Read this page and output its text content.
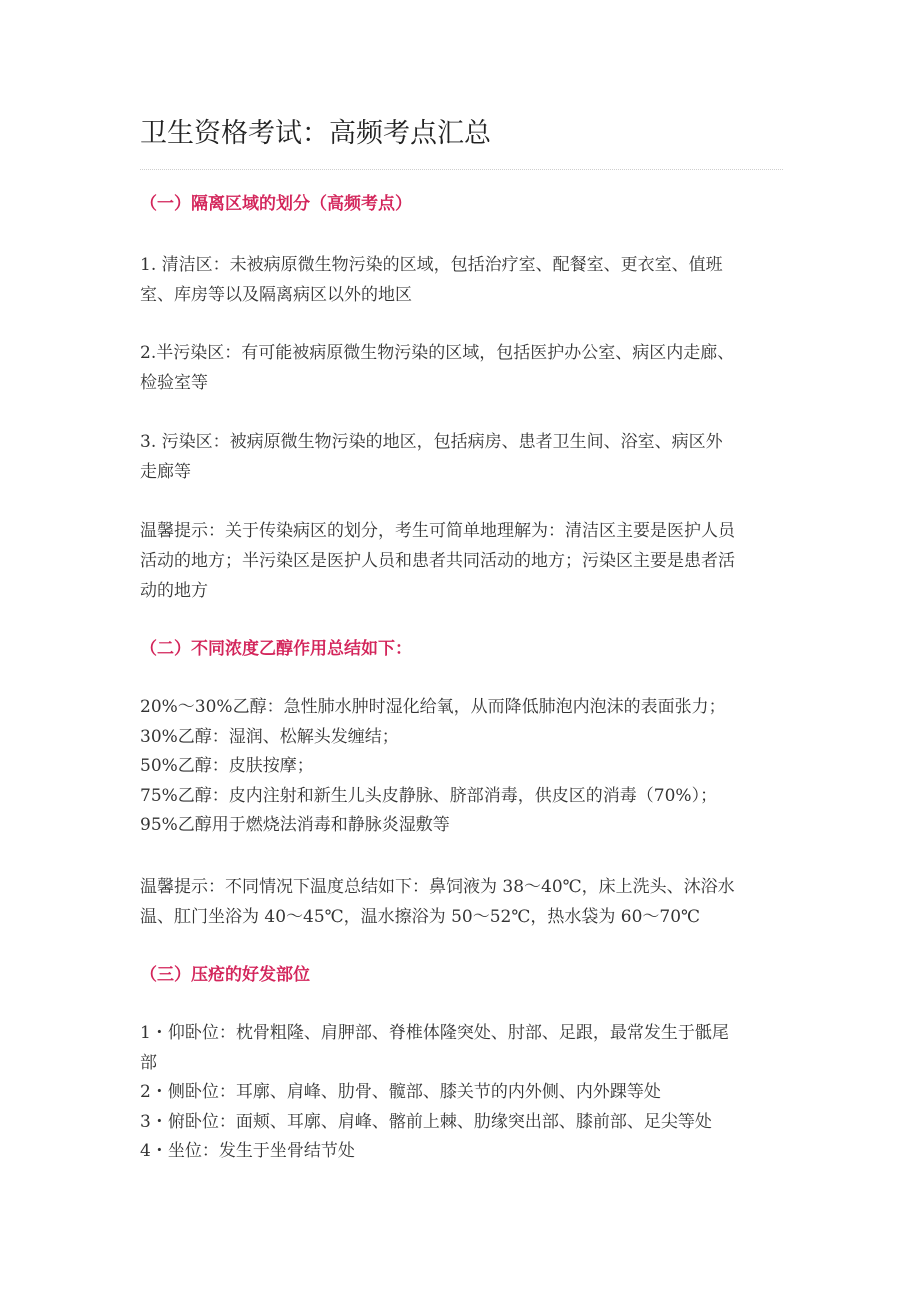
卫生资格考试：高频考点汇总
（一）隔离区域的划分（高频考点）

1. 清洁区：未被病原微生物污染的区域，包括治疗室、配餐室、更衣室、值班
室、库房等以及隔离病区以外的地区

2.半污染区：有可能被病原微生物污染的区域，包括医护办公室、病区内走廊、
检验室等

3. 污染区：被病原微生物污染的地区，包括病房、患者卫生间、浴室、病区外
走廊等

温馨提示：关于传染病区的划分，考生可简单地理解为：清洁区主要是医护人员
活动的地方；半污染区是医护人员和患者共同活动的地方；污染区主要是患者活
动的地方

（二）不同浓度乙醇作用总结如下：
20%～30%乙醇：急性肺水肿时湿化给氧，从而降低肺泡内泡沫的表面张力；
30%乙醇：湿润、松解头发缠结；
50%乙醇：皮肤按摩；
75%乙醇：皮内注射和新生儿头皮静脉、脐部消毒，供皮区的消毒（70%）；
95%乙醇用于燃烧法消毒和静脉炎湿敷等

温馨提示：不同情况下温度总结如下：鼻饲液为 38～40℃，床上洗头、沐浴水
温、肛门坐浴为 40～45℃，温水擦浴为 50～52℃，热水袋为 60～70℃

（三）压疮的好发部位
1・仰卧位：枕骨粗隆、肩胛部、脊椎体隆突处、肘部、足跟，最常发生于骶尾
部
2・侧卧位：耳廓、肩峰、肋骨、髋部、膝关节的内外侧、内外踝等处
3・俯卧位：面颊、耳廓、肩峰、髂前上棘、肋缘突出部、膝前部、足尖等处
4・坐位：发生于坐骨结节处
